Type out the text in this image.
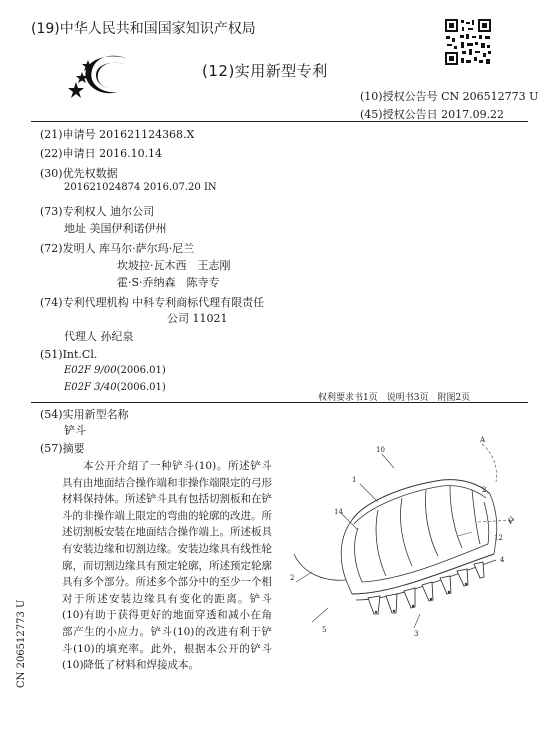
(19)中华人民共和国国家知识产权局
(12)实用新型专利
(10)授权公告号 CN 206512773 U
(45)授权公告日 2017.09.22
(21)申请号 201621124368.X
(22)申请日 2016.10.14
(30)优先权数据
201621024874 2016.07.20 IN
(73)专利权人 迪尔公司
地址 美国伊利诺伊州
(72)发明人 库马尔·萨尔玛·尼兰
坎坡拉·瓦木西　王志刚
霍·S·乔纳森　陈寺专
(74)专利代理机构 中科专利商标代理有限责任
公司 11021
代理人 孙纪泉
(51)Int.Cl.
E02F 9/00(2006.01)
E02F 3/40(2006.01)
权利要求书1页　说明书3页　附图2页
(54)实用新型名称
铲斗
(57)摘要
本公开介绍了一种铲斗(10)。所述铲斗具有由地面结合操作端和非操作端限定的弓形材料保持体。所述铲斗具有包括切割板和在铲斗的非操作端上限定的弯曲的轮廓的改进。所述切割板安装在地面结合操作端上。所述板具有安装边缘和切割边缘。安装边缘具有线性轮廓，而切割边缘具有预定轮廓，所述预定轮廓具有多个部分。所述多个部分中的至少一个相对于所述安装边缘具有变化的距离。铲斗(10)有助于获得更好的地面穿透和减小在角部产生的小应力。铲斗(10)的改进有利于铲斗(10)的填充率。此外，根据本公开的铲斗(10)降低了材料和焊接成本。
10
A
1
2
14
V
12
2
4
3
5
CN 206512773 U
